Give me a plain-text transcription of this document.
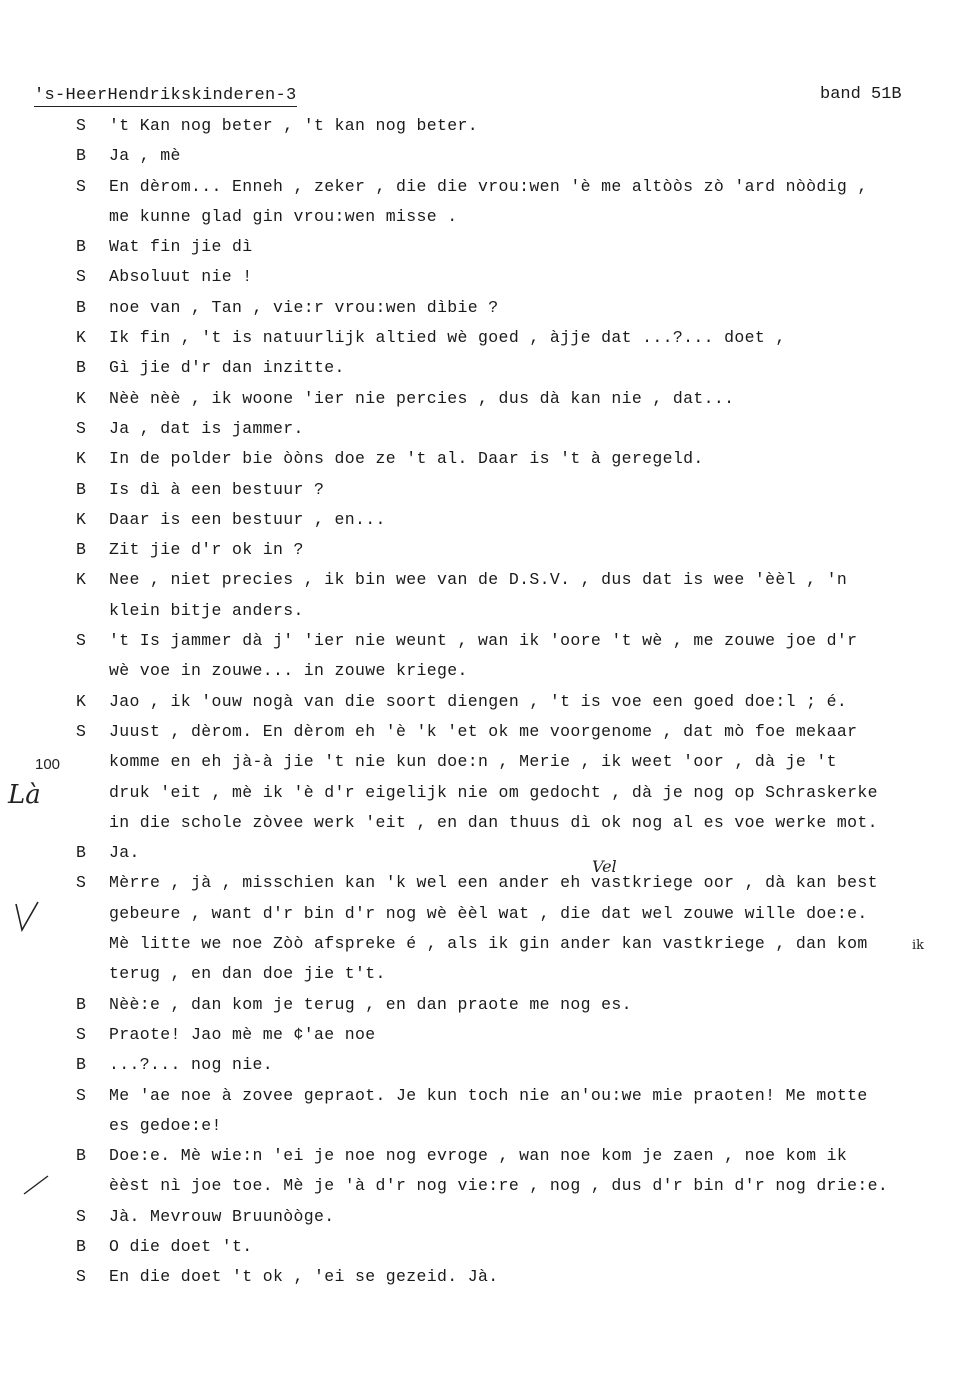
's-HeerHendrikskinderen-3	band 51B
S 't Kan nog beter , 't kan nog beter.
B Ja , mè
S En dèrom... Enneh , zeker , die die vrou:wen 'è me altòòs zò 'ard nòòdig ,
me kunne glad gin vrou:wen misse .
B Wat fin jie dì
S Absoluut nie !
B noe van , Tan , vie:r vrou:wen dìbie ?
K Ik fin , 't is natuurlijk altied wè goed , àjje dat ...?... doet ,
B Gì jie d'r dan inzitte.
K Nèè nèè , ik woone 'ier nie percies , dus dà kan nie , dat...
S Ja , dat is jammer.
K In de polder bie òòns doe ze 't al. Daar is 't à geregeld.
B Is dì à een bestuur ?
K Daar is een bestuur , en...
B Zit jie d'r ok in ?
K Nee , niet precies , ik bin wee van de D.S.V. , dus dat is wee 'èèl , 'n
klein bitje anders.
S 't Is jammer dà j' 'ier nie weunt , wan ik 'oore 't wè , me zouwe joe d'r
wè voe in zouwe... in zouwe kriege.
K Jao , ik 'ouw nogà van die soort diengen , 't is voe een goed doe:l ; é.
S Juust , dèrom. En dèrom eh 'è 'k 'et ok me voorgenome , dat mò foe mekaar
komme en eh jà-à jie 't nie kun doe:n , Merie , ik weet 'oor , dà je 't
druk 'eit , mè ik 'è d'r eigelijk nie om gedocht , dà je nog op Schraskerke
in die schole zòvee werk 'eit , en dan thuus dì ok nog al es voe werke mot.
B Ja.
S Mèrre , jà , misschien kan 'k wel een ander eh vastkriege oor , dà kan best
gebeure , want d'r bin d'r nog wè èèl wat , die dat wel zouwe wille doe:e.
Mè litte we noe Zòò afspreke é , als ik gin ander kan vastkriege , dan kom
terug , en dan doe jie t't.
B Nèè:e , dan kom je terug , en dan praote me nog es.
S Praote! Jao mè me ¢'ae noe
B ...?... nog nie.
S Me 'ae noe à zovee gepraot. Je kun toch nie an'ou:we mie praoten! Me motte
es gedoe:e!
B Doe:e. Mè wie:n 'ei je noe nog evroge , wan noe kom je zaen , noe kom ik
èèst nì joe toe. Mè je 'à d'r nog vie:re , nog , dus d'r bin d'r nog drie:e.
S Jà. Mevrouw Bruunòòge.
B O die doet 't.
S En die doet 't ok , 'ei se gezeid. Jà.
100
Là
ik
Vel
